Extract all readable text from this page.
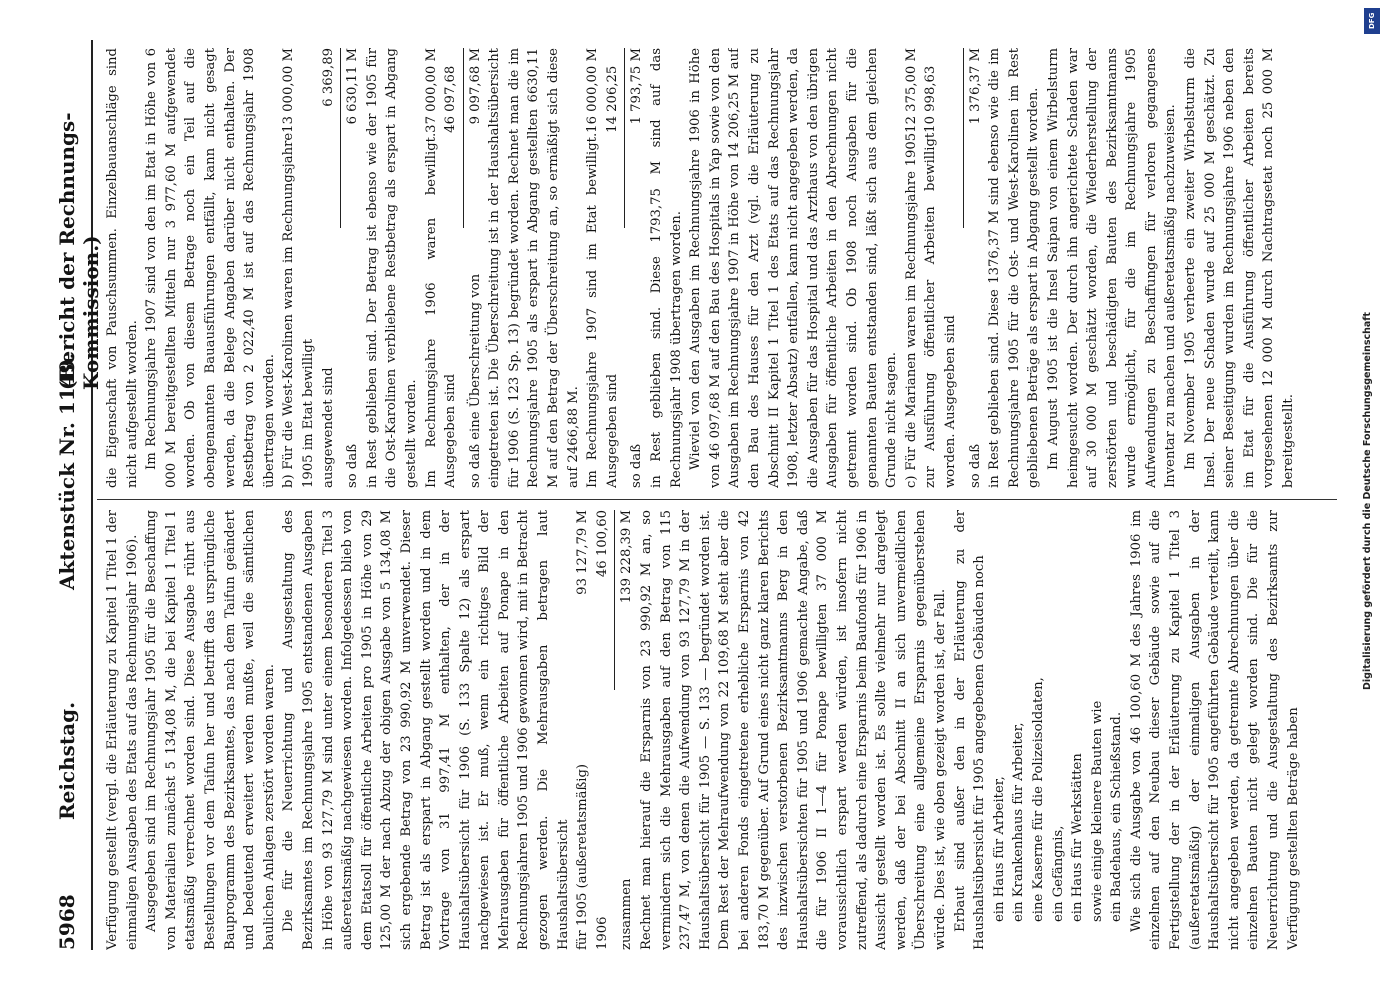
5968
Reichstag.
Aktenstück Nr. 1149.
(Bericht der Rechnungs-Kommission.)

Verfügung gestellt (vergl. die Erläuterung zu Kapitel 1 Titel 1 der einmaligen Ausgaben des Etats auf das Rechnungsjahr 1906). Ausgegeben sind im Rechnungsjahr 1905 für die Beschaffung von Materialien zunächst 5 134,08 M, die bei Kapitel 1 Titel 1 etatsmäßig verrechnet worden sind. Diese Ausgabe rührt aus Bestellungen vor dem Taifun her und betrifft das ursprüngliche Bauprogramm des Bezirksamtes, das nach dem Taifun geändert und bedeutend erweitert werden mußte, weil die sämtlichen baulichen Anlagen zerstört worden waren. Die für die Neuerrichtung und Ausgestaltung des Bezirksamtes im Rechnungsjahre 1905 entstandenen Ausgaben in Höhe von 93 127,79 M sind unter einem besonderen Titel 3 außeretatsmäßig nachgewiesen worden. Infolgedessen blieb von dem Etatsoll für öffentliche Arbeiten pro 1905 in Höhe von 29 125,00 M der nach Abzug der obigen Ausgabe von 5 134,08 M sich ergebende Betrag von 23 990,92 M unverwendet. Dieser Betrag ist als erspart in Abgang gestellt worden und in dem Vortrage von 31 997,41 M enthalten, der in der Haushaltsübersicht für 1906 (S. 133 Spalte 12) als erspart nachgewiesen ist. Er muß, wenn ein richtiges Bild der Mehrausgaben für öffentliche Arbeiten auf Ponape in den Rechnungsjahren 1905 und 1906 gewonnen wird, mit in Betracht gezogen werden. Die Mehrausgaben betragen laut Haushaltsübersicht für 1905 (außeretatsmäßig)
93 127,79 M
1906
46 100,60
zusammen
139 228,39 M Rechnet man hierauf die Ersparnis von 23 990,92 M an, so vermindern sich die Mehrausgaben auf den Betrag von 115 237,47 M, von denen die Aufwendung von 93 127,79 M in der Haushaltsübersicht für 1905 — S. 133 — begründet worden ist. Dem Rest der Mehraufwendung von 22 109,68 M steht aber die bei anderen Fonds eingetretene erhebliche Ersparnis von 42 183,70 M gegenüber. Auf Grund eines nicht ganz klaren Berichts des inzwischen verstorbenen Bezirksamtmanns Berg in den Haushaltsübersichten für 1905 und 1906 gemachte Angabe, daß die für 1906 II 1—4 für Ponape bewilligten 37 000 M voraussichtlich erspart werden würden, ist insofern nicht zutreffend, als dadurch eine Ersparnis beim Baufonds für 1906 in Aussicht gestellt worden ist. Es sollte vielmehr nur dargelegt werden, daß der bei Abschnitt II an sich unvermeidlichen Überschreitung eine allgemeine Ersparnis gegenüberstehen würde. Dies ist, wie oben gezeigt worden ist, der Fall. Erbaut sind außer den in der Erläuterung zu der Haushaltsübersicht für 1905 angegebenen Gebäuden noch ein Haus für Arbeiter, ein Krankenhaus für Arbeiter, eine Kaserne für die Polizeisoldaten, ein Gefängnis, ein Haus für Werkstätten sowie einige kleinere Bauten wie ein Badehaus, ein Schießstand. Wie sich die Ausgabe von 46 100,60 M des Jahres 1906 im einzelnen auf den Neubau dieser Gebäude sowie auf die Fertigstellung der in der Erläuterung zu Kapitel 1 Titel 3 (außeretatsmäßig) der einmaligen Ausgaben in der Haushaltsübersicht für 1905 angeführten Gebäude verteilt, kann nicht angegeben werden, da getrennte Abrechnungen über die einzelnen Bauten nicht gelegt worden sind. Die für die Neuerrichtung und die Ausgestaltung des Bezirksamts zur Verfügung gestellten Beträge haben

die Eigenschaft von Pauschsummen. Einzelbauanschläge sind nicht aufgestellt worden. Im Rechnungsjahre 1907 sind von den im Etat in Höhe von 6 000 M bereitgestellten Mitteln nur 3 977,60 M aufgewendet worden. Ob von diesem Betrage noch ein Teil auf die obengenannten Bauausführungen entfällt, kann nicht gesagt werden, da die Belege Angaben darüber nicht enthalten. Der Restbetrag von 2 022,40 M ist auf das Rechnungsjahr 1908 übertragen worden. b) Für die West-Karolinen waren im Rechnungsjahre 1905 im Etat bewilligt
13 000,00 M
ausgewendet sind
6 369,89
so daß
6 630,11 M in Rest geblieben sind. Der Betrag ist ebenso wie der 1905 für die Ost-Karolinen verbliebene Restbetrag als erspart in Abgang gestellt worden. Im Rechnungsjahre 1906 waren bewilligt. Ausgegeben sind
37 000,00 M 46 097,68
so daß eine Überschreitung von
9 097,68 M eingetreten ist. Die Überschreitung ist in der Haushaltsübersicht für 1906 (S. 123 Sp. 13) begründet worden. Rechnet man die im Rechnungsjahre 1905 als erspart in Abgang gestellten 6630,11 M auf den Betrag der Überschreitung an, so ermäßigt sich diese auf 2466,88 M. Im Rechnungsjahre 1907 sind im Etat bewilligt. Ausgegeben sind
16 000,00 M 14 206,25
so daß
1 793,75 M in Rest geblieben sind. Diese 1793,75 M sind auf das Rechnungsjahr 1908 übertragen worden. Wieviel von den Ausgaben im Rechnungsjahre 1906 in Höhe von 46 097,68 M auf den Bau des Hospitals in Yap sowie von den Ausgaben im Rechnungsjahre 1907 in Höhe von 14 206,25 M auf den Bau des Hauses für den Arzt (vgl. die Erläuterung zu Abschnitt II Kapitel 1 Titel 1 des Etats auf das Rechnungsjahr 1908, letzter Absatz) entfallen, kann nicht angegeben werden, da die Ausgaben für das Hospital und das Arzthaus von den übrigen Ausgaben für öffentliche Arbeiten in den Abrechnungen nicht getrennt worden sind. Ob 1908 noch Ausgaben für die genannten Bauten entstanden sind, läßt sich aus dem gleichen Grunde nicht sagen. c) Für die Marianen waren im Rechnungsjahre 1905 zur Ausführung öffentlicher Arbeiten bewilligt worden. Ausgegeben sind
12 375,00 M 10 998,63
so daß
1 376,37 M in Rest geblieben sind. Diese 1376,37 M sind ebenso wie die im Rechnungsjahre 1905 für die Ost- und West-Karolinen im Rest gebliebenen Beträge als erspart in Abgang gestellt worden. Im August 1905 ist die Insel Saipan von einem Wirbelsturm heimgesucht worden. Der durch ihn angerichtete Schaden war auf 30 000 M geschätzt worden, die Wiederherstellung der zerstörten und beschädigten Bauten des Bezirksamtmanns wurde ermöglicht, für die im Rechnungsjahre 1905 Aufwendungen zu Beschaffungen für verloren gegangenes Inventar zu machen und außeretatsmäßig nachzuweisen. Im November 1905 verheerte ein zweiter Wirbelsturm die Insel. Der neue Schaden wurde auf 25 000 M geschätzt. Zu seiner Beseitigung wurden im Rechnungsjahre 1906 neben den im Etat für die Ausführung öffentlicher Arbeiten bereits vorgesehenen 12 000 M durch Nachtragsetat noch 25 000 M bereitgestellt.

DFG
Digitalisierung gefördert durch die Deutsche Forschungsgemeinschaft
